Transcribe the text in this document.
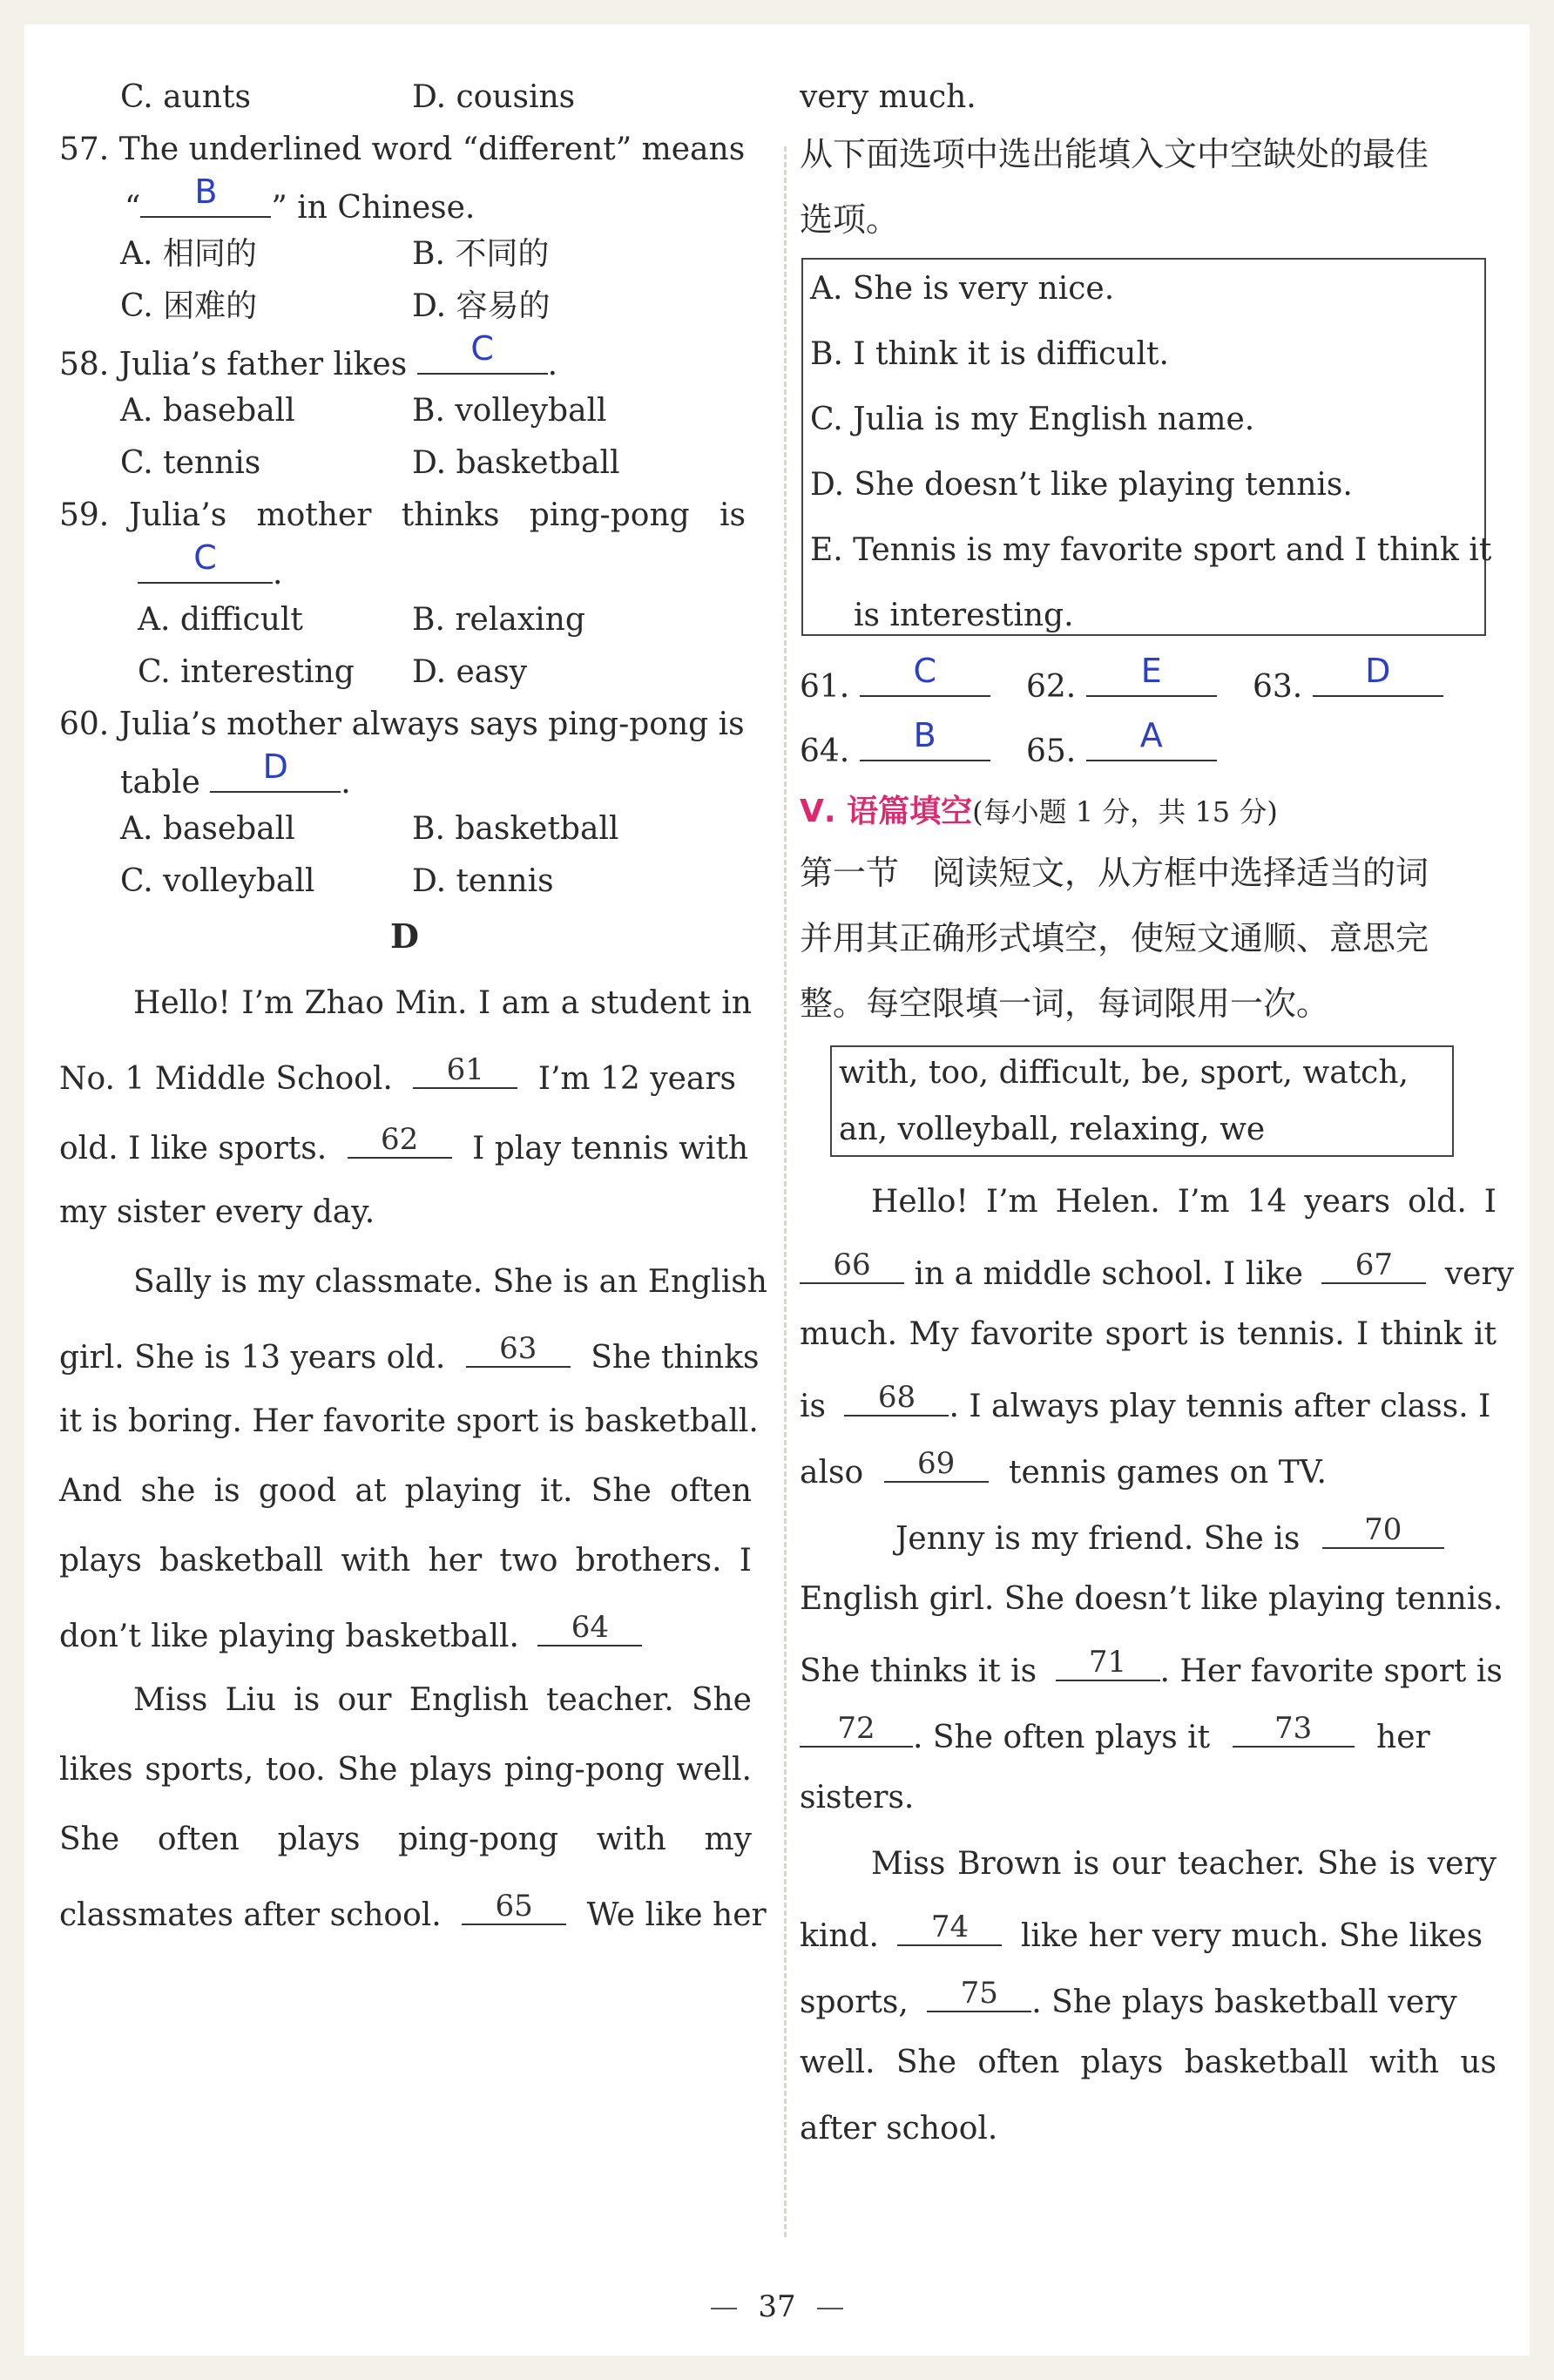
C. aunts	D. cousins
57. The underlined word “different” means
“	B	” in Chinese.
A. 相同的	B. 不同的
C. 困难的	D. 容易的
58. Julia’s father likes	C	.
A. baseball	B. volleyball
C. tennis	D. basketball
59.  Julia’s   mother   thinks   ping-pong   is
C	.
A. difficult	B. relaxing
C. interesting D. easy
60. Julia’s mother always says ping-pong is
table	D	.
A. baseball	B. basketball
C. volleyball	D. tennis
D
Hello! I’m Zhao Min. I am a student in
No. 1 Middle School.	61	I’m 12 years
old. I like sports.	62	I play tennis with
my sister every day.
Sally is my classmate. She is an English
girl. She is 13 years old.	63	She thinks
it is boring. Her favorite sport is basketball.
And she is good at playing it. She often
plays basketball with her two brothers. I
don’t like playing basketball.	64
Miss Liu is our English teacher. She
likes sports, too. She plays ping-pong well.
She often plays ping-pong with my
classmates after school.	65	We like her
very much.
从下面选项中选出能填入文中空缺处的最佳
选项。
A. She is very nice.
B. I think it is difficult.
C. Julia is my English name.
D. She doesn’t like playing tennis.
E. Tennis is my favorite sport and I think it
is interesting.
61.	C	62.	E	63.	D
64.	B	65.	A
Ⅴ. 语篇填空(每小题 1 分，共 15 分)
第一节　阅读短文，从方框中选择适当的词
并用其正确形式填空，使短文通顺、意思完
整。每空限填一词，每词限用一次。
with, too, difficult, be, sport, watch,
an, volleyball, relaxing, we
Hello! I’m Helen. I’m 14 years old. I
66	in a middle school. I like	67	very
much. My favorite sport is tennis. I think it
is	68	. I always play tennis after class. I
also	69	tennis games on TV.
Jenny is my friend. She is	70
English girl. She doesn’t like playing tennis.
She thinks it is	71	. Her favorite sport is
72	. She often plays it	73	her
sisters.
Miss Brown is our teacher. She is very
kind.	74	like her very much. She likes
sports,	75	. She plays basketball very
well. She often plays basketball with us
after school.
37
